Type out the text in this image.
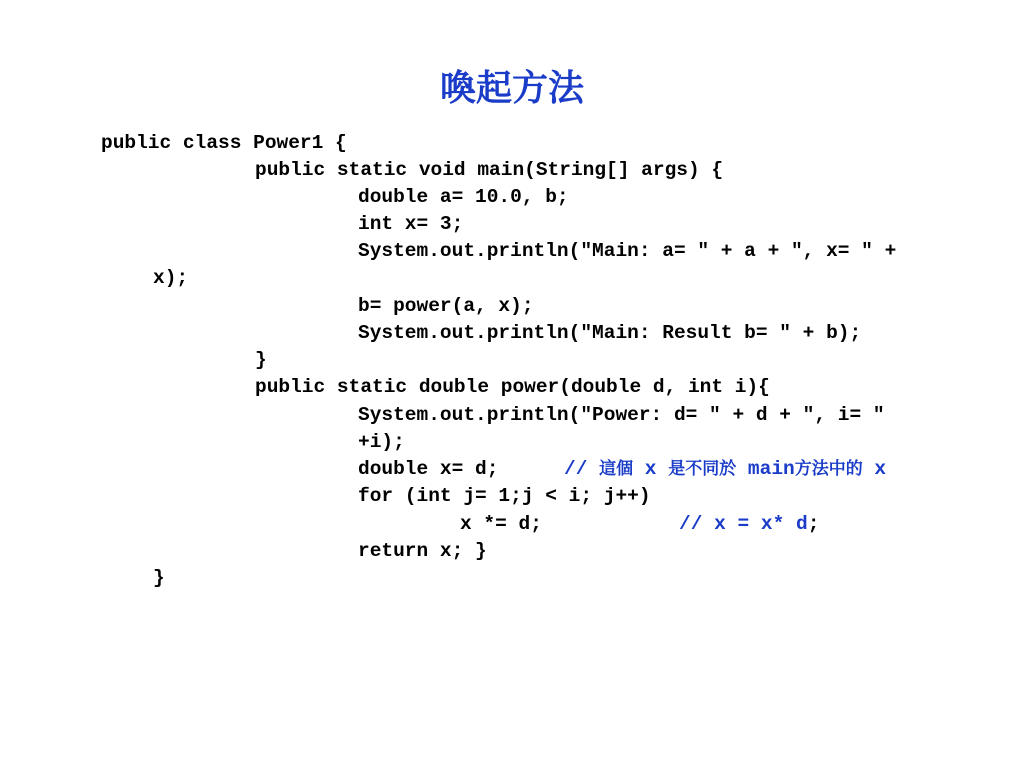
喚起方法
public class Power1 {
public static void main(String[] args) {
double a= 10.0, b;
int x= 3;
System.out.println("Main: a= " + a + ", x= " +
x);
b= power(a, x);
System.out.println("Main: Result b= " + b);
}
public static double power(double d, int i){
System.out.println("Power: d= " + d + ", i= "
+i);
double x= d;	// 這個 x 是不同於 main方法中的 x
for (int j= 1;j < i; j++)
x *= d;	// x = x* d;
return x; }
}
